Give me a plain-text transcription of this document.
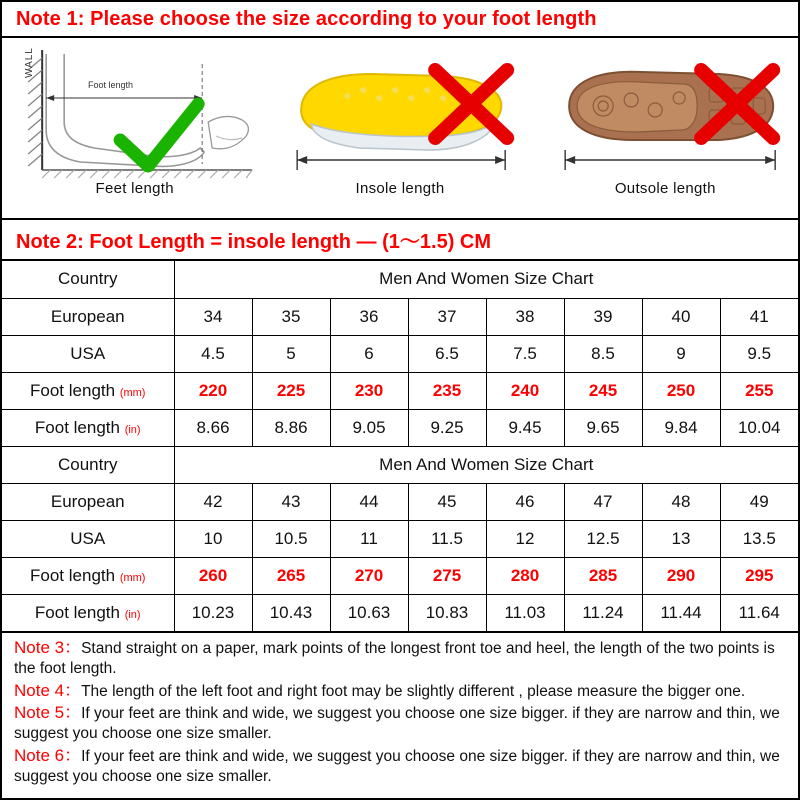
Note 1: Please choose the size according to your foot length
WALL
Foot length
Feet length	Insole length	Outsole length
Note 2: Foot Length = insole length — (1～1.5) CM
Country	Men And Women Size Chart							
European	34	35	36	37	38	39	40	41
USA	4.5	5	6	6.5	7.5	8.5	9	9.5
Foot length (mm)	220	225	230	235	240	245	250	255
Foot length (in)	8.66	8.86	9.05	9.25	9.45	9.65	9.84	10.04
Country	Men And Women Size Chart							
European	42	43	44	45	46	47	48	49
USA	10	10.5	11	11.5	12	12.5	13	13.5
Foot length (mm)	260	265	270	275	280	285	290	295
Foot length (in)	10.23	10.43	10.63	10.83	11.03	11.24	11.44	11.64

Note 3：Stand straight on a paper, mark points of the longest front toe and heel, the length of the two points is the foot length.

Note 4：The length of the left foot and right foot may be slightly different , please measure the bigger one.

Note 5：If your feet are think and wide, we suggest you choose one size bigger. if they are narrow and thin, we suggest you choose one size smaller.

Note 6：If your feet are think and wide, we suggest you choose one size bigger. if they are narrow and thin, we suggest you choose one size smaller.
